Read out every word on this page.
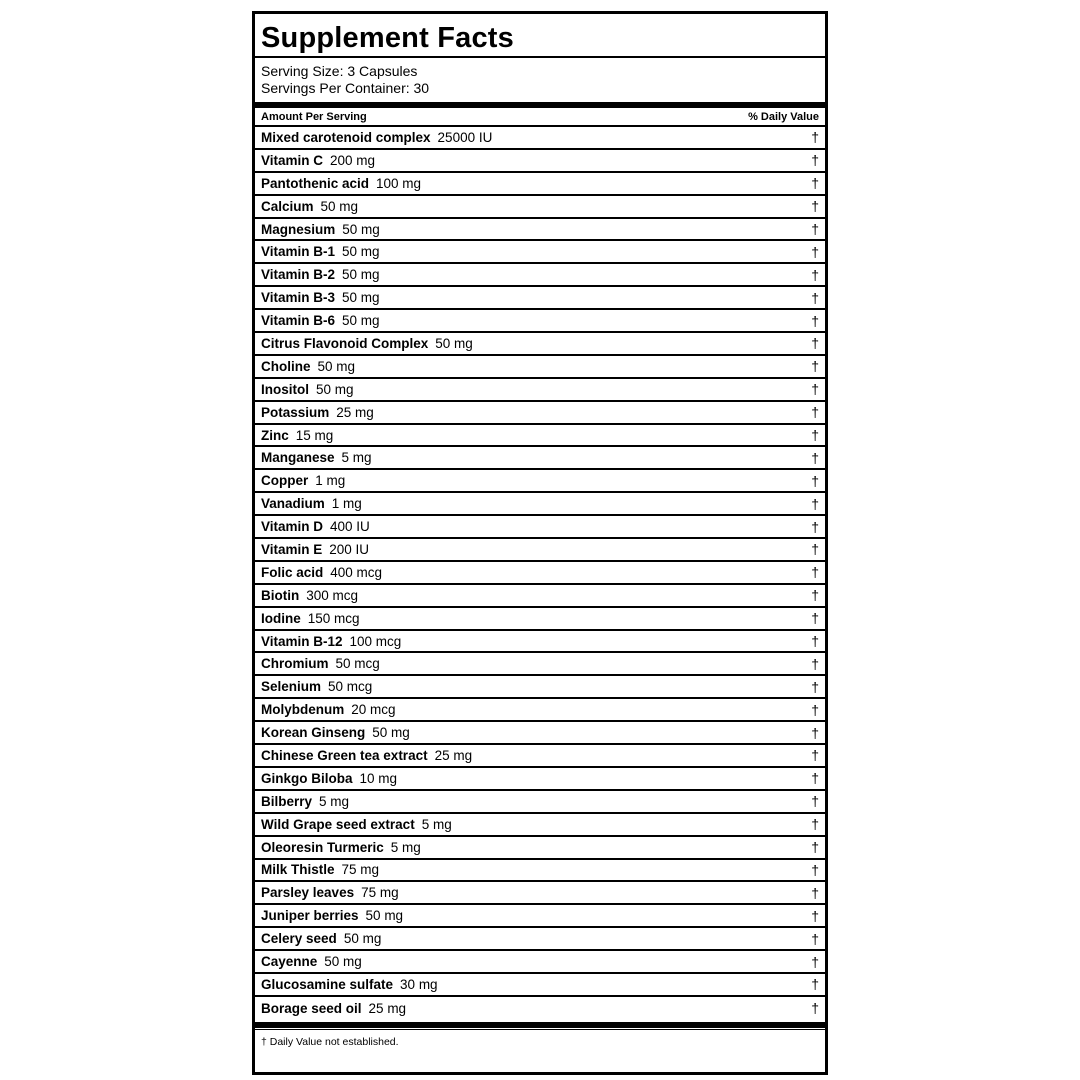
Supplement Facts
Serving Size: 3 Capsules
Servings Per Container: 30
Amount Per Serving	% Daily Value
Mixed carotenoid complex 25000 IU	†
Vitamin C 200 mg	†
Pantothenic acid 100 mg	†
Calcium 50 mg	†
Magnesium 50 mg	†
Vitamin B-1 50 mg	†
Vitamin B-2 50 mg	†
Vitamin B-3 50 mg	†
Vitamin B-6 50 mg	†
Citrus Flavonoid Complex 50 mg	†
Choline 50 mg	†
Inositol 50 mg	†
Potassium 25 mg	†
Zinc 15 mg	†
Manganese 5 mg	†
Copper 1 mg	†
Vanadium 1 mg	†
Vitamin D 400 IU	†
Vitamin E 200 IU	†
Folic acid 400 mcg	†
Biotin 300 mcg	†
Iodine 150 mcg	†
Vitamin B-12 100 mcg	†
Chromium 50 mcg	†
Selenium 50 mcg	†
Molybdenum 20 mcg	†
Korean Ginseng 50 mg	†
Chinese Green tea extract 25 mg	†
Ginkgo Biloba 10 mg	†
Bilberry 5 mg	†
Wild Grape seed extract 5 mg	†
Oleoresin Turmeric 5 mg	†
Milk Thistle 75 mg	†
Parsley leaves 75 mg	†
Juniper berries 50 mg	†
Celery seed 50 mg	†
Cayenne 50 mg	†
Glucosamine sulfate 30 mg	†
Borage seed oil 25 mg	†
† Daily Value not established.
